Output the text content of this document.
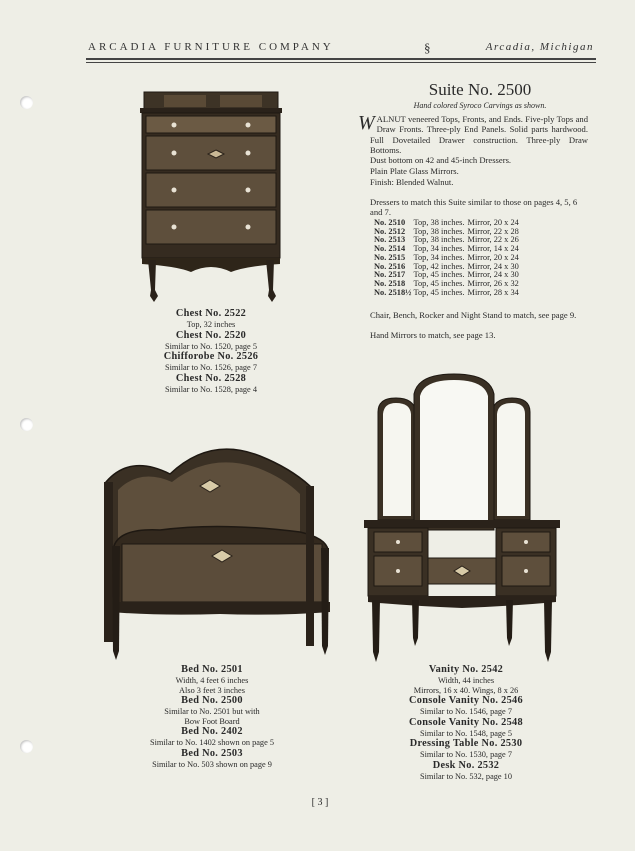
ARCADIA FURNITURE COMPANY	§	Arcadia, Michigan
Suite No. 2500
Hand colored Syroco Carvings as shown.
W ALNUT veneered Tops, Fronts, and Ends. Five-ply Tops and Draw Fronts. Three-ply End Panels. Solid parts hardwood. Full Dovetailed Drawer construction. Three-ply Draw Bottoms.
Dust bottom on 42 and 45-inch Dressers.
Plain Plate Glass Mirrors.
Finish: Blended Walnut.
Dressers to match this Suite similar to those on pages 4, 5, 6 and 7.
No. 2510	Top, 38 inches.	Mirror, 20 x 24
No. 2512	Top, 38 inches.	Mirror, 22 x 28
No. 2513	Top, 38 inches.	Mirror, 22 x 26
No. 2514	Top, 34 inches.	Mirror, 14 x 24
No. 2515	Top, 34 inches.	Mirror, 20 x 24
No. 2516	Top, 42 inches.	Mirror, 24 x 30
No. 2517	Top, 45 inches.	Mirror, 24 x 30
No. 2518	Top, 45 inches.	Mirror, 26 x 32
No. 2518½	Top, 45 inches.	Mirror, 28 x 34
Chair, Bench, Rocker and Night Stand to match, see page 9.
Hand Mirrors to match, see page 13.
Chest No. 2522
Top, 32 inches
Chest No. 2520
Similar to No. 1520, page 5
Chifforobe No. 2526
Similar to No. 1526, page 7
Chest No. 2528
Similar to No. 1528, page 4
Bed No. 2501
Width, 4 feet 6 inches
Also 3 feet 3 inches
Bed No. 2500
Similar to No. 2501 but with
Bow Foot Board
Bed No. 2402
Similar to No. 1402 shown on page 5
Bed No. 2503
Similar to No. 503 shown on page 9
Vanity No. 2542
Width, 44 inches
Mirrors, 16 x 40. Wings, 8 x 26
Console Vanity No. 2546
Similar to No. 1546, page 7
Console Vanity No. 2548
Similar to No. 1548, page 5
Dressing Table No. 2530
Similar to No. 1530, page 7
Desk No. 2532
Similar to No. 532, page 10
[ 3 ]
